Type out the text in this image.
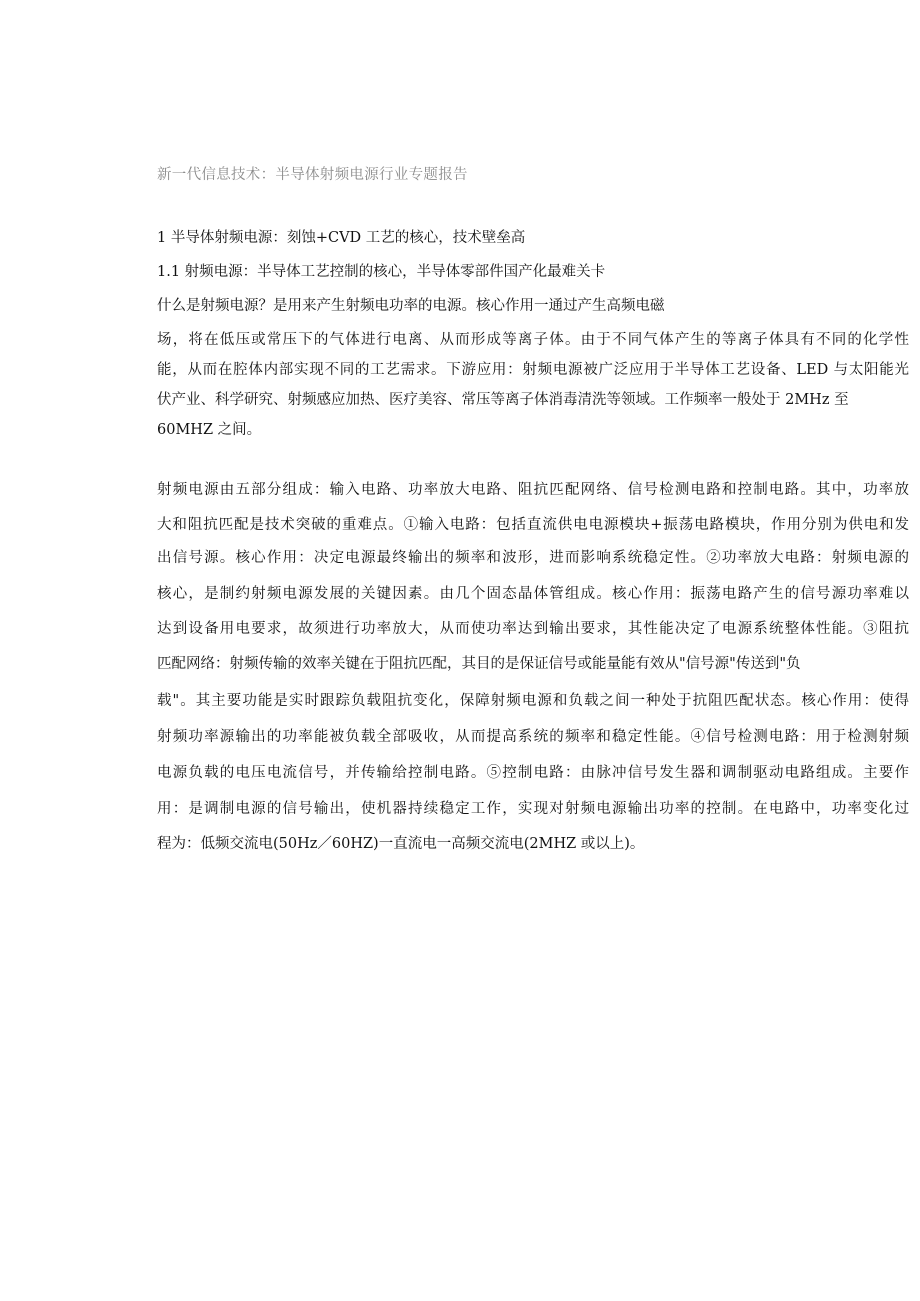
新一代信息技术：半导体射频电源行业专题报告
1 半导体射频电源：刻蚀+CVD 工艺的核心，技术壁垒高
1.1 射频电源：半导体工艺控制的核心，半导体零部件国产化最难关卡
什么是射频电源？是用来产生射频电功率的电源。核心作用一通过产生高频电磁
场，将在低压或常压下的气体进行电离、从而形成等离子体。由于不同气体产生的等离子体具有不同的化学性
能，从而在腔体内部实现不同的工艺需求。下游应用：射频电源被广泛应用于半导体工艺设备、LED 与太阳能光
伏产业、科学研究、射频感应加热、医疗美容、常压等离子体消毒清洗等领域。工作频率一般处于 2MHz 至
60MHZ 之间。
射频电源由五部分组成：输入电路、功率放大电路、阻抗匹配网络、信号检测电路和控制电路。其中，功率放
大和阻抗匹配是技术突破的重难点。①输入电路：包括直流供电电源模块+振荡电路模块，作用分别为供电和发
出信号源。核心作用：决定电源最终输出的频率和波形，进而影响系统稳定性。②功率放大电路：射频电源的
核心，是制约射频电源发展的关键因素。由几个固态晶体管组成。核心作用：振荡电路产生的信号源功率难以
达到设备用电要求，故须进行功率放大，从而使功率达到输出要求，其性能决定了电源系统整体性能。③阻抗
匹配网络：射频传输的效率关键在于阻抗匹配，其目的是保证信号或能量能有效从"信号源"传送到"负
载"。其主要功能是实时跟踪负载阻抗变化，保障射频电源和负载之间一种处于抗阻匹配状态。核心作用：使得
射频功率源输出的功率能被负载全部吸收，从而提高系统的频率和稳定性能。④信号检测电路：用于检测射频
电源负载的电压电流信号，并传输给控制电路。⑤控制电路：由脉冲信号发生器和调制驱动电路组成。主要作
用：是调制电源的信号输出，使机器持续稳定工作，实现对射频电源输出功率的控制。在电路中，功率变化过
程为：低频交流电(50Hz／60HZ)一直流电一高频交流电(2MHZ 或以上)。
